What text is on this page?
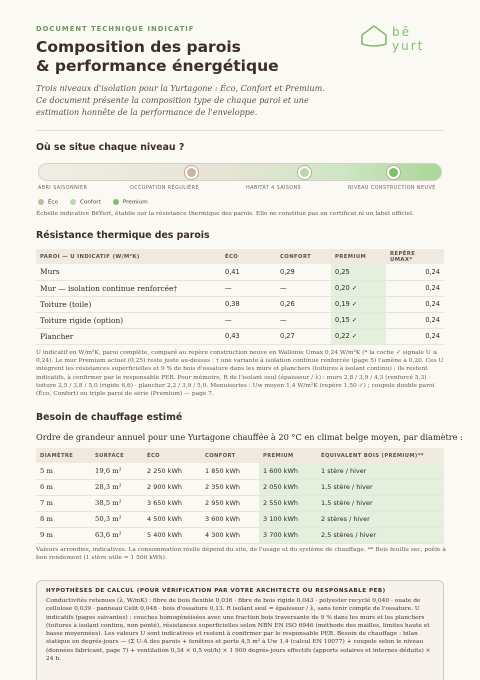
DOCUMENT TECHNIQUE INDICATIF	bē
yurt
Composition des parois
& performance énergétique
Trois niveaux d'isolation pour la Yurtagone : Éco, Confort et Premium. Ce document présente la composition type de chaque paroi et une estimation honnête de la performance de l'enveloppe.
Où se situe chaque niveau ?
ABRI SAISONNIER	OCCUPATION RÉGULIÈRE	HABITAT 4 SAISONS	NIVEAU CONSTRUCTION NEUVE
Éco	Confort	Premium
Échelle indicative BēYurt, établie sur la résistance thermique des parois. Elle ne constitue pas un certificat ni un label officiel.
Résistance thermique des parois
PAROI — U INDICATIF (W/M²K)	ÉCO	CONFORT	PREMIUM	REPÈRE UMAX*
Murs	0,41	0,29	0,25	0,24
Mur — isolation continue renforcée†	—	—	0,20 ✓	0,24
Toiture (toile)	0,38	0,26	0,19 ✓	0,24
Toiture rigide (option)	—	—	0,15 ✓	0,24
Plancher	0,43	0,27	0,22 ✓	0,24
U indicatif en W/m²K, paroi complète, comparé au repère construction neuve en Wallonie Umax 0,24 W/m²K (* la coche ✓ signale U ≤ 0,24). Le mur Premium actuel (0,25) reste juste au-dessus : † une variante à isolation continue renforcée (page 5) l'amène à 0,20. Ces U intègrent les résistances superficielles et 9 % de bois d'ossature dans les murs et planchers (toitures à isolant continu) ; ils restent indicatifs, à confirmer par le responsable PEB. Pour mémoire, R de l'isolant seul (épaisseur / λ) : murs 2,8 / 3,9 / 4,3 (renforcé 5,3) · toiture 2,5 / 3,8 / 5,0 (rigide 6,6) · plancher 2,2 / 3,9 / 5,0. Menuiseries : Uw moyen 1,4 W/m²K (repère 1,50 ✓) ; coupole double paroi (Éco, Confort) ou triple paroi de série (Premium) — page 7.
Besoin de chauffage estimé
Ordre de grandeur annuel pour une Yurtagone chauffée à 20 °C en climat belge moyen, par diamètre :
DIAMÈTRE	SURFACE	ÉCO	CONFORT	PREMIUM	ÉQUIVALENT BOIS (PREMIUM)**
5 m	19,6 m²	2 250 kWh	1 850 kWh	1 600 kWh	1 stère / hiver
6 m	28,3 m²	2 900 kWh	2 350 kWh	2 050 kWh	1,5 stère / hiver
7 m	38,5 m²	3 650 kWh	2 950 kWh	2 550 kWh	1,5 stère / hiver
8 m	50,3 m²	4 500 kWh	3 600 kWh	3 100 kWh	2 stères / hiver
9 m	63,6 m²	5 400 kWh	4 300 kWh	3 700 kWh	2,5 stères / hiver
Valeurs arrondies, indicatives. La consommation réelle dépend du site, de l'usage et du système de chauffage. ** Bois feuillu sec, poêle à bon rendement (1 stère utile ≈ 1 500 kWh).
HYPOTHÈSES DE CALCUL (POUR VÉRIFICATION PAR VOTRE ARCHITECTE OU RESPONSABLE PEB)
Conductivités retenues (λ, W/mK) : fibre de bois flexible 0,036 · fibre de bois rigide 0,043 · polyester recyclé 0,040 · ouate de cellulose 0,039 · panneau Celit 0,048 · bois d'ossature 0,13. R isolant seul = épaisseur / λ, sans tenir compte de l'ossature. U indicatifs (pages suivantes) : couches homogénéisées avec une fraction bois traversante de 9 % dans les murs et les planchers (toitures à isolant continu, non ponté), résistances superficielles selon NBN EN ISO 6946 (méthode des mailles, limites haute et basse moyennées). Les valeurs U sont indicatives et restent à confirmer par le responsable PEB. Besoin de chauffage : bilan statique en degrés-jours — (Σ U·A des parois + fenêtres et porte 4,5 m² à Uw 1,4 (calcul EN 10077) + coupole selon le niveau (données fabricant, page 7) + ventilation 0,34 × 0,5 vol/h) × 1 900 degrés-jours effectifs (apports solaires et internes déduits) × 24 h.
